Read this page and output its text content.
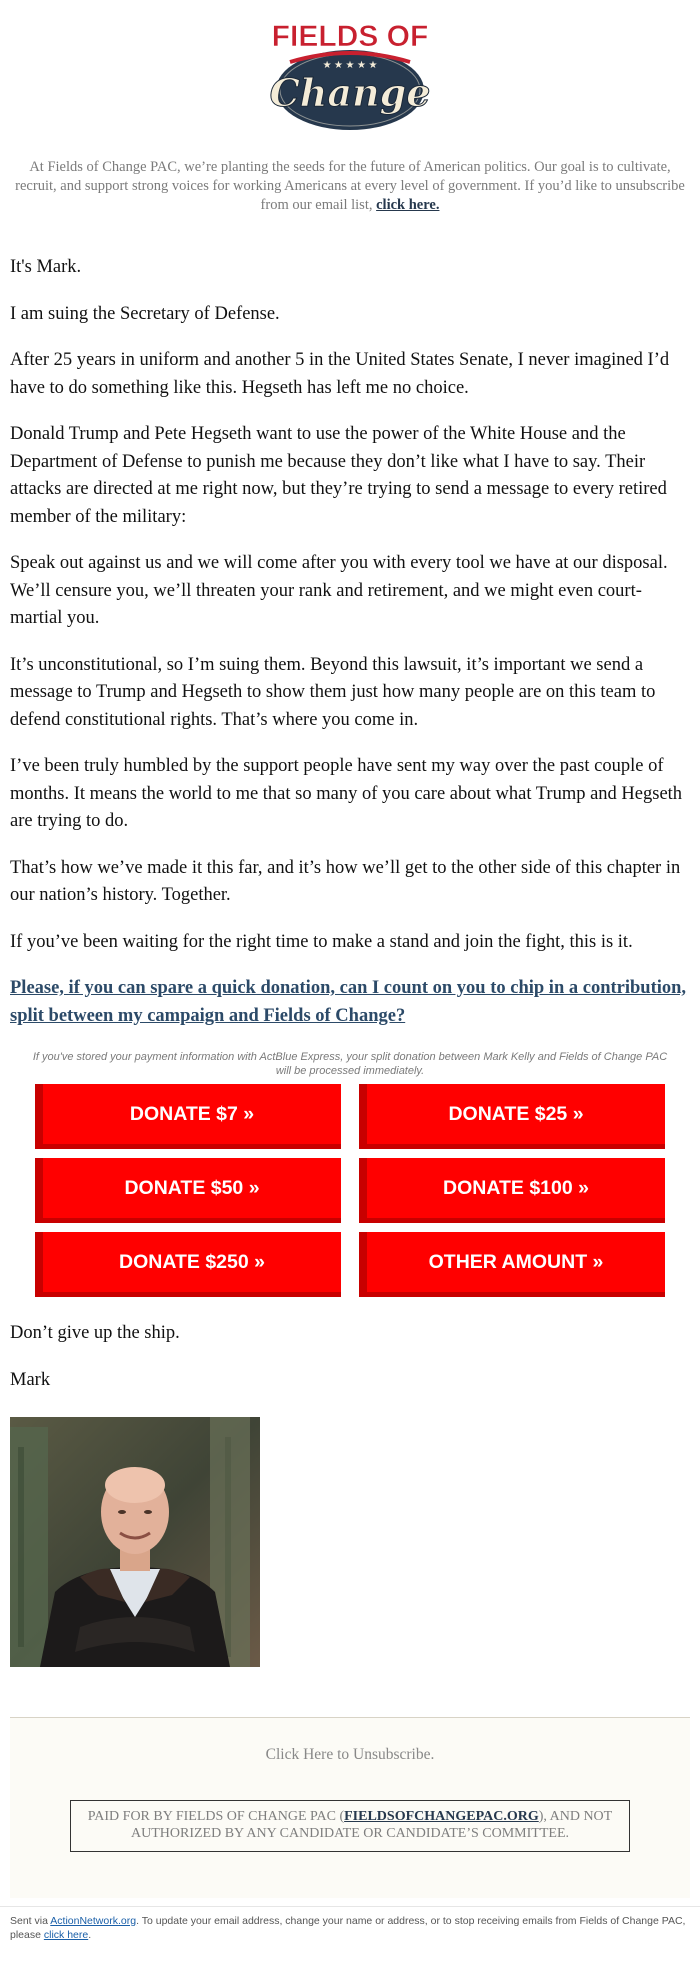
FIELDS OF
★ ★ ★ ★ ★
Change
At Fields of Change PAC, we’re planting the seeds for the future of American politics. Our goal is to cultivate, recruit, and support strong voices for working Americans at every level of government. If you’d like to unsubscribe from our email list, click here.

It's Mark.

I am suing the Secretary of Defense.

After 25 years in uniform and another 5 in the United States Senate, I never imagined I’d have to do something like this. Hegseth has left me no choice.

Donald Trump and Pete Hegseth want to use the power of the White House and the Department of Defense to punish me because they don’t like what I have to say. Their attacks are directed at me right now, but they’re trying to send a message to every retired member of the military:

Speak out against us and we will come after you with every tool we have at our disposal. We’ll censure you, we’ll threaten your rank and retirement, and we might even court-martial you.

It’s unconstitutional, so I’m suing them. Beyond this lawsuit, it’s important we send a message to Trump and Hegseth to show them just how many people are on this team to defend constitutional rights. That’s where you come in.

I’ve been truly humbled by the support people have sent my way over the past couple of months. It means the world to me that so many of you care about what Trump and Hegseth are trying to do.

That’s how we’ve made it this far, and it’s how we’ll get to the other side of this chapter in our nation’s history. Together.

If you’ve been waiting for the right time to make a stand and join the fight, this is it.

Please, if you can spare a quick donation, can I count on you to chip in a contribution, split between my campaign and Fields of Change?

If you've stored your payment information with ActBlue Express, your split donation between Mark Kelly and Fields of Change PAC will be processed immediately.
DONATE $7 »	DONATE $25 »
DONATE $50 »	DONATE $100 »
DONATE $250 »	OTHER AMOUNT »
Don’t give up the ship.
Mark
Click Here to Unsubscribe.
PAID FOR BY FIELDS OF CHANGE PAC (FIELDSOFCHANGEPAC.ORG), AND NOT AUTHORIZED BY ANY CANDIDATE OR CANDIDATE’S COMMITTEE.
Sent via ActionNetwork.org. To update your email address, change your name or address, or to stop receiving emails from Fields of Change PAC, please click here.
